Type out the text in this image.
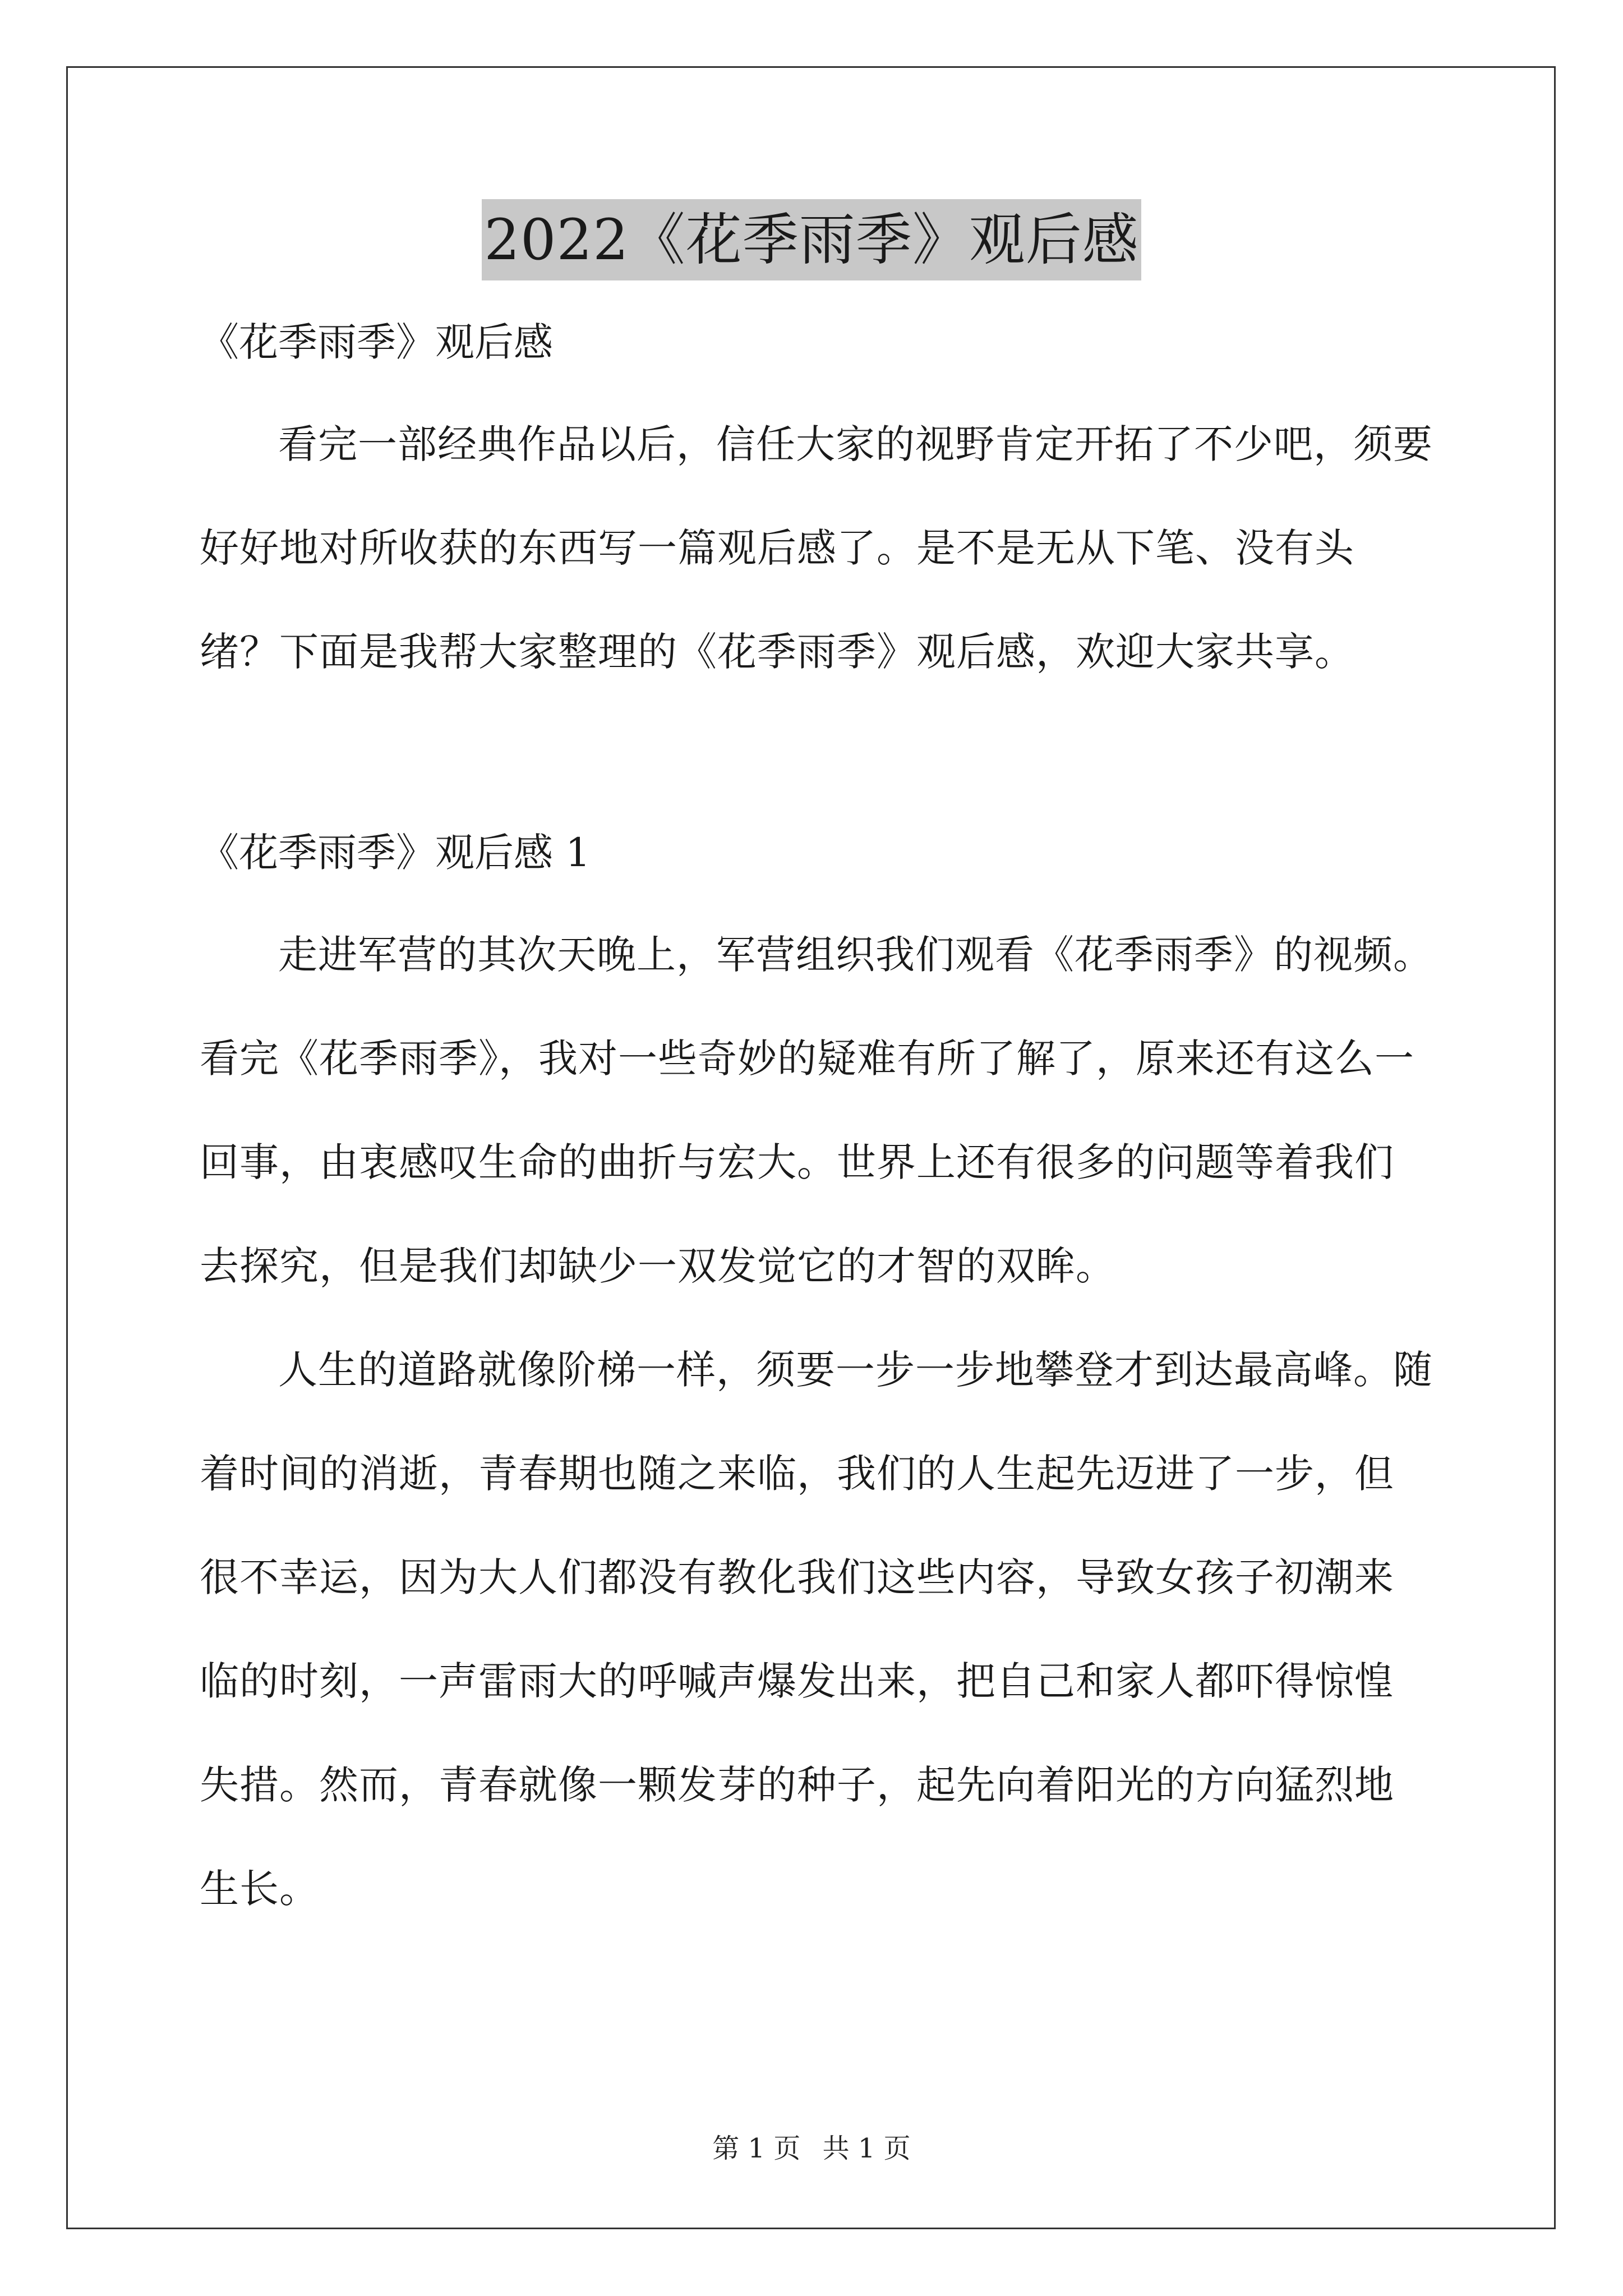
2022《花季雨季》观后感

《花季雨季》观后感

看完一部经典作品以后，信任大家的视野肯定开拓了不少吧，须要好好地对所收获的东西写一篇观后感了。是不是无从下笔、没有头绪？下面是我帮大家整理的《花季雨季》观后感，欢迎大家共享。

《花季雨季》观后感 1

走进军营的其次天晚上，军营组织我们观看《花季雨季》的视频。看完《花季雨季》，我对一些奇妙的疑难有所了解了，原来还有这么一回事，由衷感叹生命的曲折与宏大。世界上还有很多的问题等着我们去探究，但是我们却缺少一双发觉它的才智的双眸。

人生的道路就像阶梯一样，须要一步一步地攀登才到达最高峰。随着时间的消逝，青春期也随之来临，我们的人生起先迈进了一步，但很不幸运，因为大人们都没有教化我们这些内容，导致女孩子初潮来临的时刻，一声雷雨大的呼喊声爆发出来，把自己和家人都吓得惊惶失措。然而，青春就像一颗发芽的种子，起先向着阳光的方向猛烈地生长。

第 1 页 共 1 页
